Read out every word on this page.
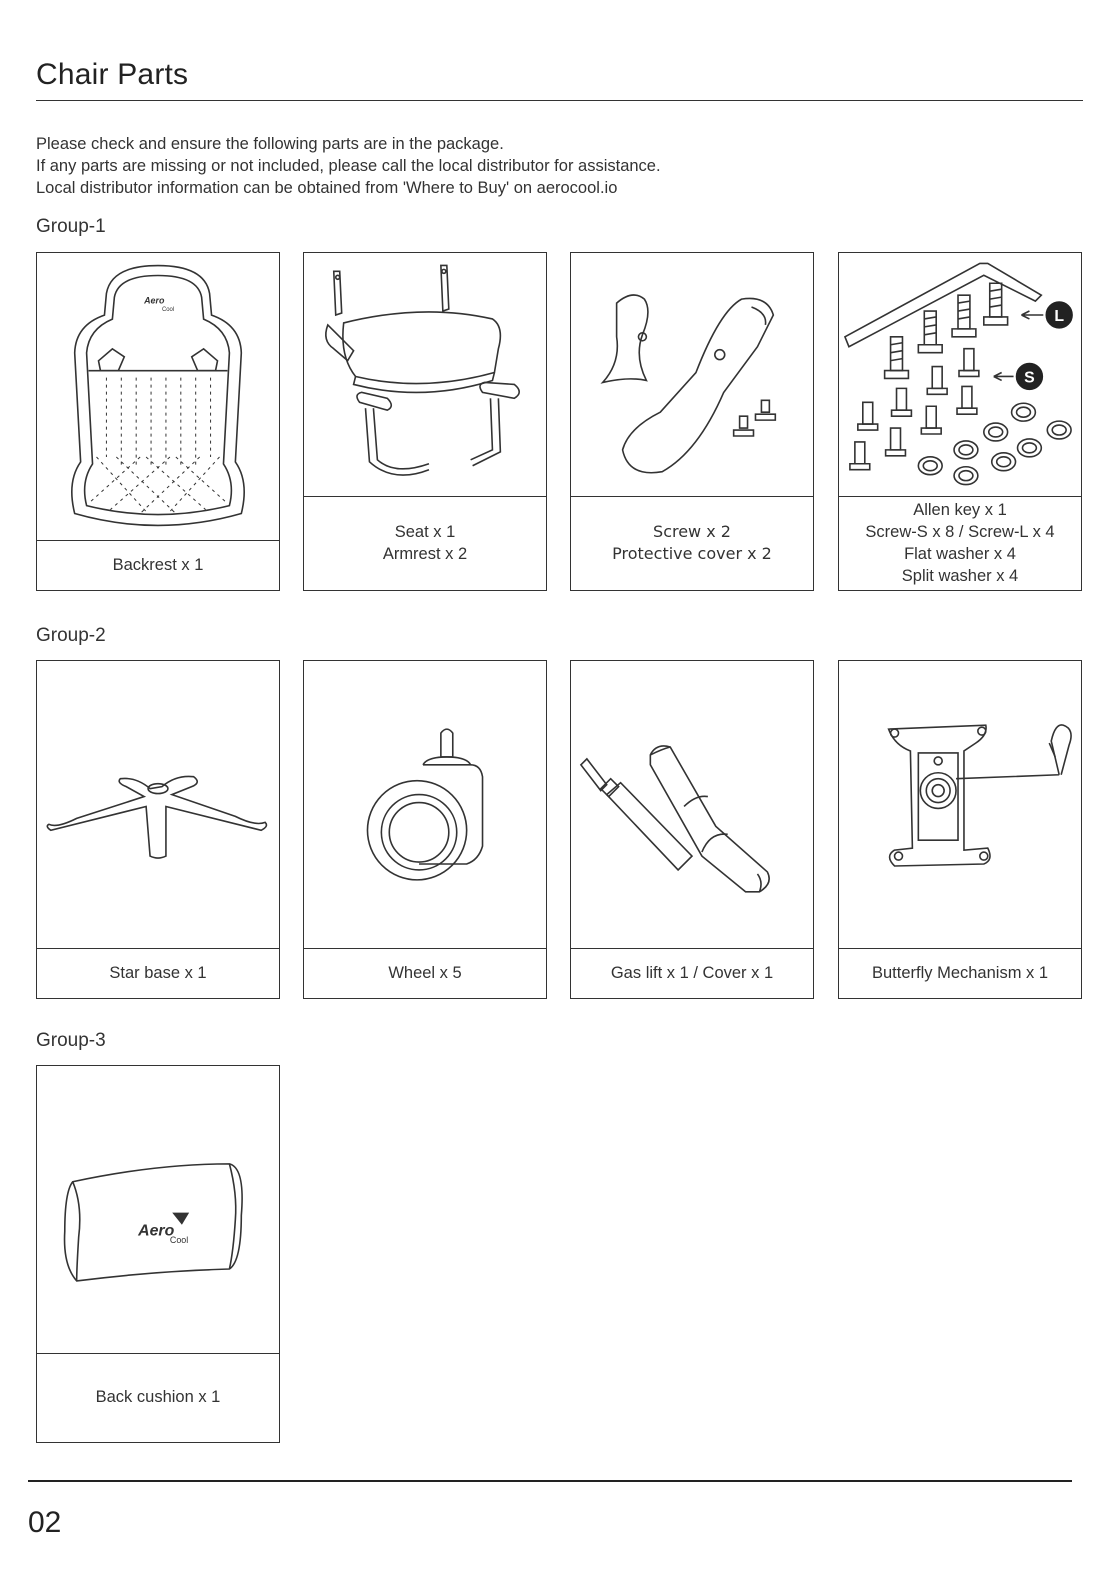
Chair Parts
Please check and ensure the following parts are in the package.
If any parts are missing or not included, please call the local distributor for assistance.
Local distributor information can be obtained from 'Where to Buy' on aerocool.io
Group-1
Aero
Cool
Backrest x 1
Seat x 1
Armrest x 2
Screw x 2
Protective cover x 2
L
S
Allen key x 1
Screw-S x 8 / Screw-L x 4
Flat washer x 4
Split washer x 4
Group-2
Star base x 1	Wheel x 5	Gas lift x 1 / Cover x 1	Butterfly Mechanism x 1
Group-3
Aero
Cool
Back cushion x 1
02
